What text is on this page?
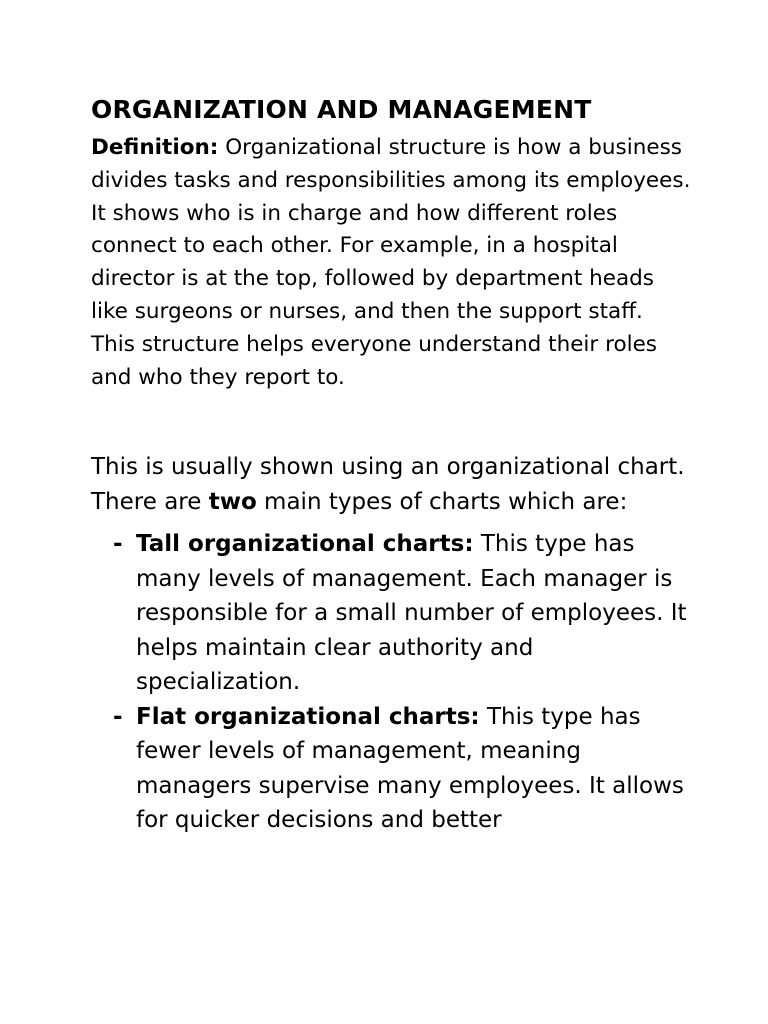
ORGANIZATION AND MANAGEMENT

Definition: Organizational structure is how a business divides tasks and responsibilities among its employees. It shows who is in charge and how different roles connect to each other. For example, in a hospital director is at the top, followed by department heads like surgeons or nurses, and then the support staff. This structure helps everyone understand their roles and who they report to.

This is usually shown using an organizational chart. There are two main types of charts which are:

- Tall organizational charts: This type has many levels of management. Each manager is responsible for a small number of employees. It helps maintain clear authority and specialization.
- Flat organizational charts: This type has fewer levels of management, meaning managers supervise many employees. It allows for quicker decisions and better
